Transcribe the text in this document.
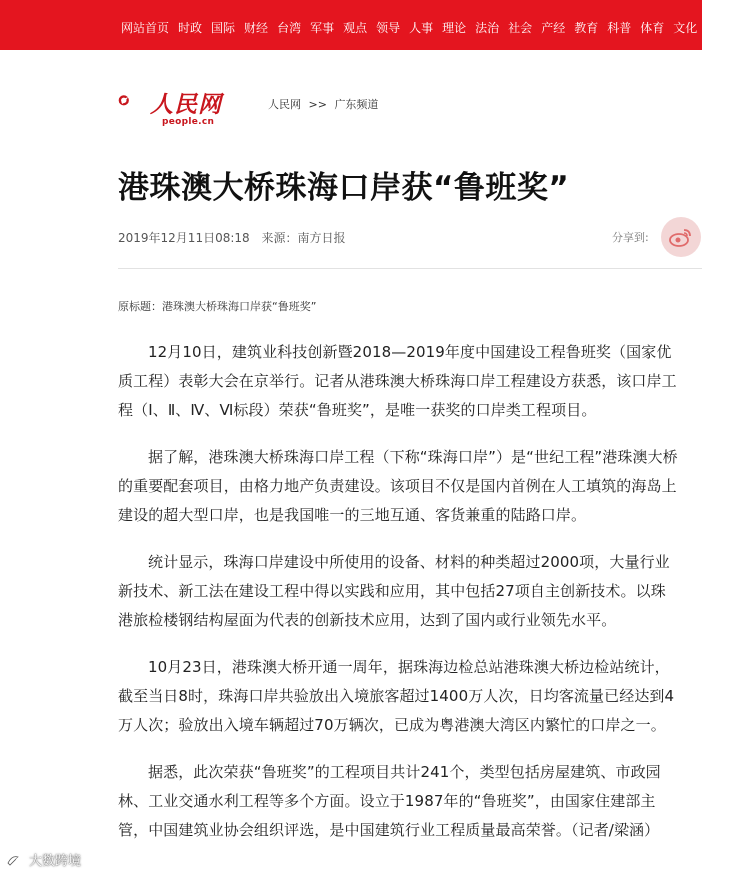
网站首页 时政 国际 财经 台湾 军事 观点 领导 人事 理论 法治 社会 产经 教育 科普 体育 文化 书画
人民网
people.cn
人民网 >> 广东频道
港珠澳大桥珠海口岸获“鲁班奖”
2019年12月11日08:18 来源：南方日报	分享到:
原标题：港珠澳大桥珠海口岸获“鲁班奖”

12月10日，建筑业科技创新暨2018—2019年度中国建设工程鲁班奖（国家优质工程）表彰大会在京举行。记者从港珠澳大桥珠海口岸工程建设方获悉，该口岸工程（Ⅰ、Ⅱ、Ⅳ、Ⅵ标段）荣获“鲁班奖”，是唯一获奖的口岸类工程项目。

据了解，港珠澳大桥珠海口岸工程（下称“珠海口岸”）是“世纪工程”港珠澳大桥的重要配套项目，由格力地产负责建设。该项目不仅是国内首例在人工填筑的海岛上建设的超大型口岸，也是我国唯一的三地互通、客货兼重的陆路口岸。

统计显示，珠海口岸建设中所使用的设备、材料的种类超过2000项，大量行业新技术、新工法在建设工程中得以实践和应用，其中包括27项自主创新技术。以珠港旅检楼钢结构屋面为代表的创新技术应用，达到了国内或行业领先水平。

10月23日，港珠澳大桥开通一周年，据珠海边检总站港珠澳大桥边检站统计，截至当日8时，珠海口岸共验放出入境旅客超过1400万人次，日均客流量已经达到4万人次；验放出入境车辆超过70万辆次，已成为粤港澳大湾区内繁忙的口岸之一。

据悉，此次荣获“鲁班奖”的工程项目共计241个，类型包括房屋建筑、市政园林、工业交通水利工程等多个方面。设立于1987年的“鲁班奖”，由国家住建部主管，中国建筑业协会组织评选，是中国建筑行业工程质量最高荣誉。（记者/梁涵）

大数跨境
